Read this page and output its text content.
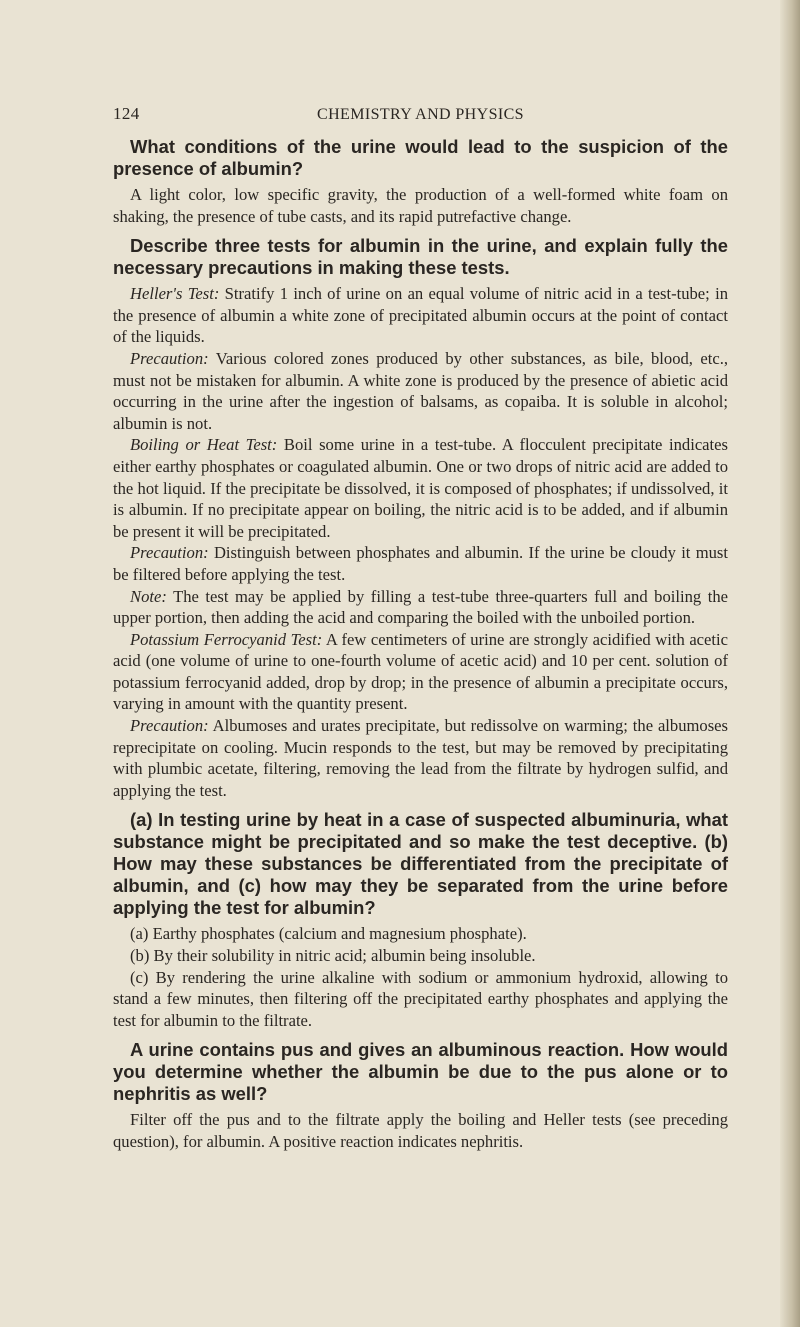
124	CHEMISTRY AND PHYSICS
What conditions of the urine would lead to the suspicion of the presence of albumin?

A light color, low specific gravity, the production of a well-formed white foam on shaking, the presence of tube casts, and its rapid putrefactive change.

Describe three tests for albumin in the urine, and explain fully the necessary precautions in making these tests.

Heller's Test: Stratify 1 inch of urine on an equal volume of nitric acid in a test-tube; in the presence of albumin a white zone of precipitated albumin occurs at the point of contact of the liquids.

Precaution: Various colored zones produced by other substances, as bile, blood, etc., must not be mistaken for albumin. A white zone is produced by the presence of abietic acid occurring in the urine after the ingestion of balsams, as copaiba. It is soluble in alcohol; albumin is not.

Boiling or Heat Test: Boil some urine in a test-tube. A flocculent precipitate indicates either earthy phosphates or coagulated albumin. One or two drops of nitric acid are added to the hot liquid. If the precipitate be dissolved, it is composed of phosphates; if undissolved, it is albumin. If no precipitate appear on boiling, the nitric acid is to be added, and if albumin be present it will be precipitated.

Precaution: Distinguish between phosphates and albumin. If the urine be cloudy it must be filtered before applying the test.

Note: The test may be applied by filling a test-tube three-quarters full and boiling the upper portion, then adding the acid and comparing the boiled with the unboiled portion.

Potassium Ferrocyanid Test: A few centimeters of urine are strongly acidified with acetic acid (one volume of urine to one-fourth volume of acetic acid) and 10 per cent. solution of potassium ferrocyanid added, drop by drop; in the presence of albumin a precipitate occurs, varying in amount with the quantity present.

Precaution: Albumoses and urates precipitate, but redissolve on warming; the albumoses reprecipitate on cooling. Mucin responds to the test, but may be removed by precipitating with plumbic acetate, filtering, removing the lead from the filtrate by hydrogen sulfid, and applying the test.

(a) In testing urine by heat in a case of suspected albuminuria, what substance might be precipitated and so make the test deceptive. (b) How may these substances be differentiated from the precipitate of albumin, and (c) how may they be separated from the urine before applying the test for albumin?

(a) Earthy phosphates (calcium and magnesium phosphate).

(b) By their solubility in nitric acid; albumin being insoluble.

(c) By rendering the urine alkaline with sodium or ammonium hydroxid, allowing to stand a few minutes, then filtering off the precipitated earthy phosphates and applying the test for albumin to the filtrate.

A urine contains pus and gives an albuminous reaction. How would you determine whether the albumin be due to the pus alone or to nephritis as well?

Filter off the pus and to the filtrate apply the boiling and Heller tests (see preceding question), for albumin. A positive reaction indicates nephritis.
